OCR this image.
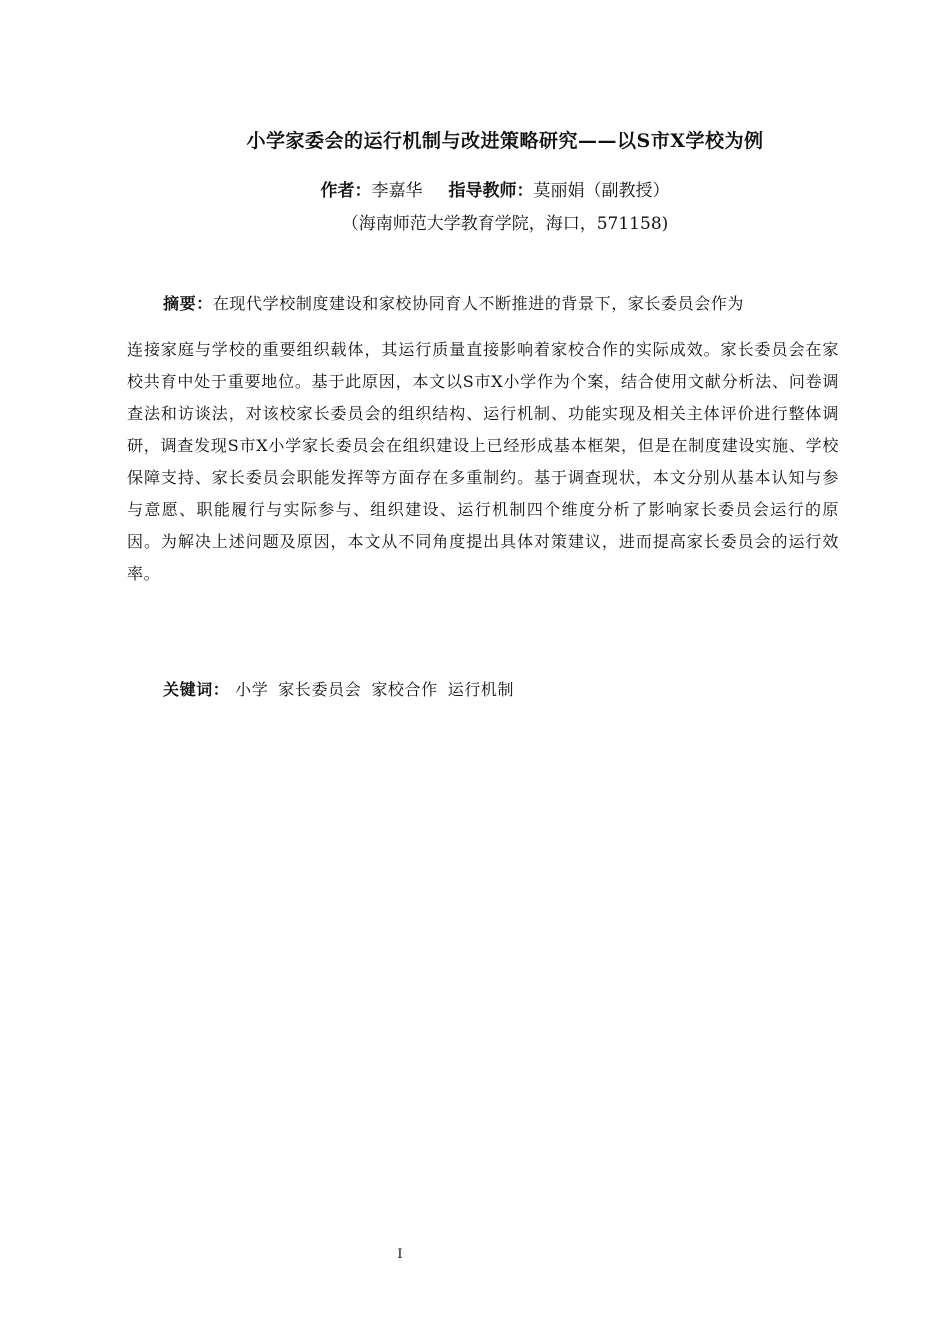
小学家委会的运行机制与改进策略研究——以S市X学校为例
作者：李嘉华 指导教师：莫丽娟（副教授）
（海南师范大学教育学院，海口，571158)
摘要：在现代学校制度建设和家校协同育人不断推进的背景下，家长委员会作为
连接家庭与学校的重要组织载体，其运行质量直接影响着家校合作的实际成效。家长委员会在家校共育中处于重要地位。基于此原因，本文以S市X小学作为个案，结合使用文献分析法、问卷调查法和访谈法，对该校家长委员会的组织结构、运行机制、功能实现及相关主体评价进行整体调研，调查发现S市X小学家长委员会在组织建设上已经形成基本框架，但是在制度建设实施、学校保障支持、家长委员会职能发挥等方面存在多重制约。基于调查现状，本文分别从基本认知与参与意愿、职能履行与实际参与、组织建设、运行机制四个维度分析了影响家长委员会运行的原因。为解决上述问题及原因，本文从不同角度提出具体对策建议，进而提高家长委员会的运行效率。
关键词： 小学 家长委员会 家校合作 运行机制
I
